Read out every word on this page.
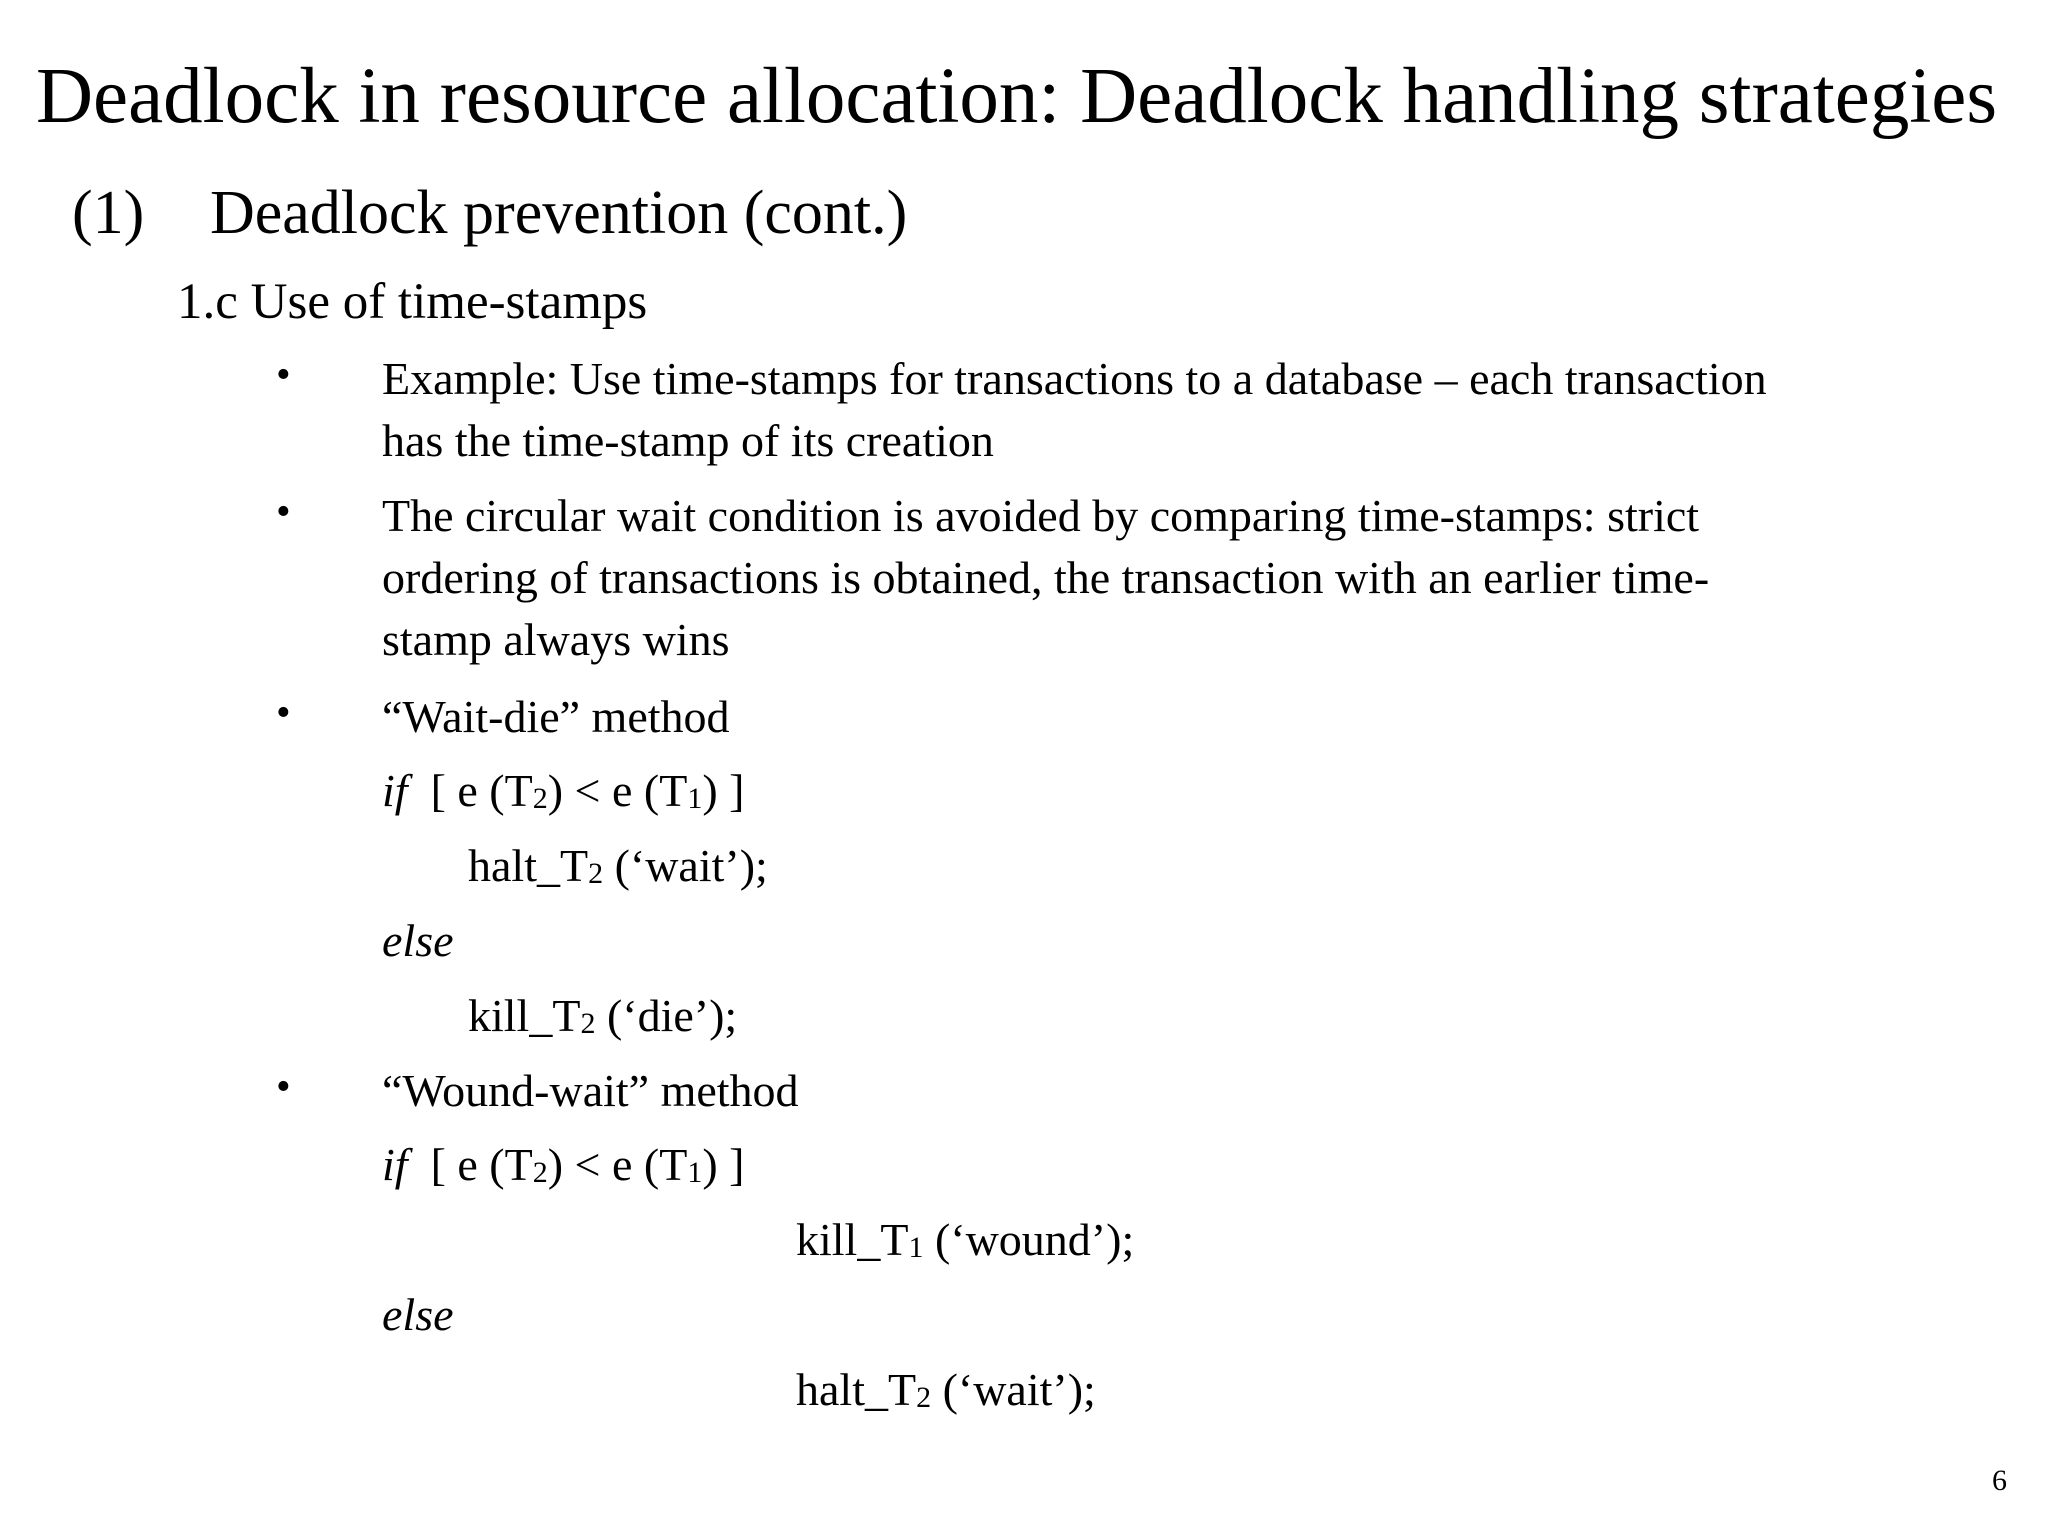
Deadlock in resource allocation: Deadlock handling strategies
(1) Deadlock prevention (cont.)
1.c Use of time-stamps
• Example: Use time-stamps for transactions to a database – each transaction
has the time-stamp of its creation
• The circular wait condition is avoided by comparing time-stamps: strict
ordering of transactions is obtained, the transaction with an earlier time-
stamp always wins
• “Wait-die” method
if [ e $(T_2) < e$ $(T_1)$ ]
$halt\_T_2$ (‘wait’);
else
$kill\_T_2$ (‘die’);
• “Wound-wait” method
if [ e $(T_2) < e$ $(T_1)$ ]
$kill\_T_1$ (‘wound’);
else
$halt\_T_2$ (‘wait’);
6
